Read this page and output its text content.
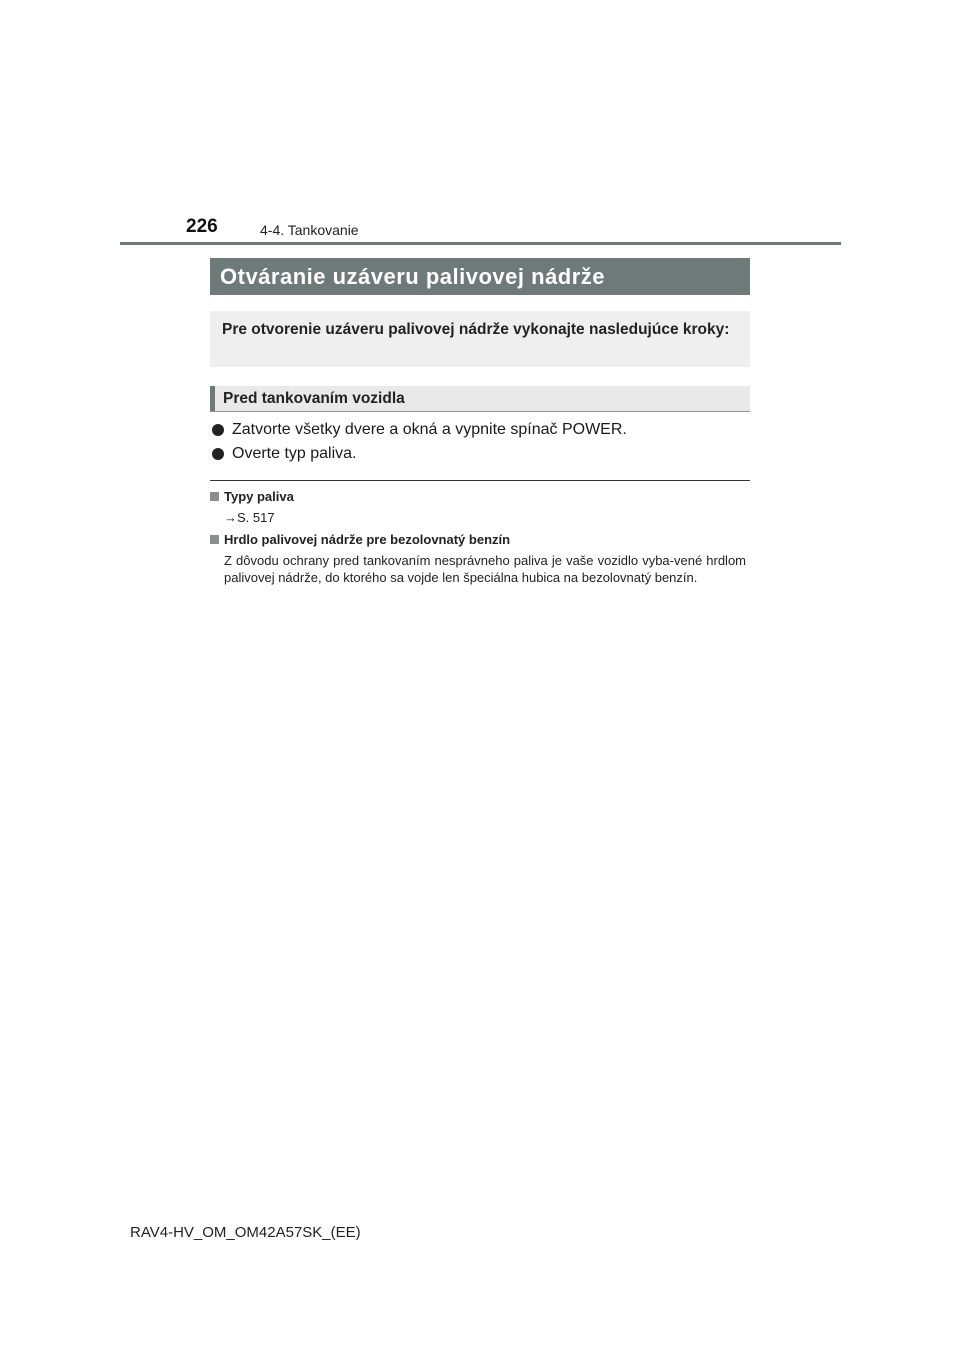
226	4-4. Tankovanie
Otváranie uzáveru palivovej nádrže
Pre otvorenie uzáveru palivovej nádrže vykonajte nasledujúce kroky:
Pred tankovaním vozidla
Zatvorte všetky dvere a okná a vypnite spínač POWER.
Overte typ paliva.
Typy paliva
→S. 517
Hrdlo palivovej nádrže pre bezolovnatý benzín
Z dôvodu ochrany pred tankovaním nesprávneho paliva je vaše vozidlo vyba-vené hrdlom palivovej nádrže, do ktorého sa vojde len špeciálna hubica na bezolovnatý benzín.
RAV4-HV_OM_OM42A57SK_(EE)
